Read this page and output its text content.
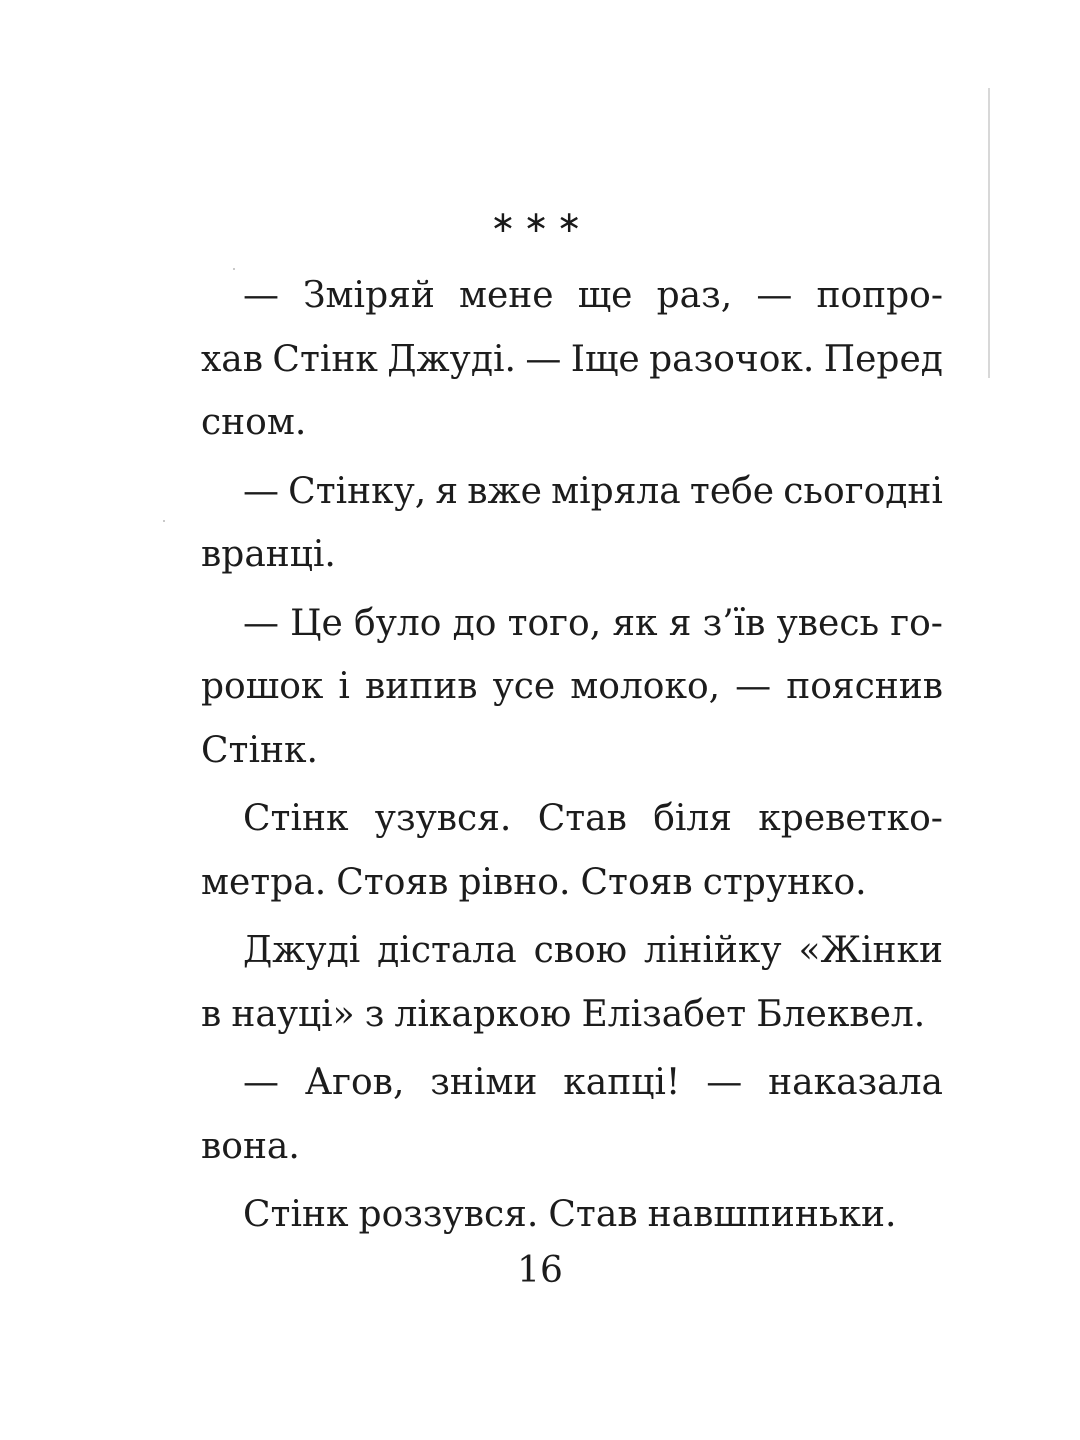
∗∗∗
— Зміряй мене ще раз, — попро-
хав Стінк Джуді. — Іще разочок. Перед
сном.
— Стінку, я вже міряла тебе сьогодні
вранці.
— Це було до того, як я з’їв увесь го-
рошок і випив усе молоко, — пояснив
Стінк.
Стінк узувся. Став біля креветко-
метра. Стояв рівно. Стояв струнко.
Джуді дістала свою лінійку «Жінки
в науці» з лікаркою Елізабет Блеквел.
— Агов, зніми капці! — наказала
вона.
Стінк роззувся. Став навшпиньки.
16
